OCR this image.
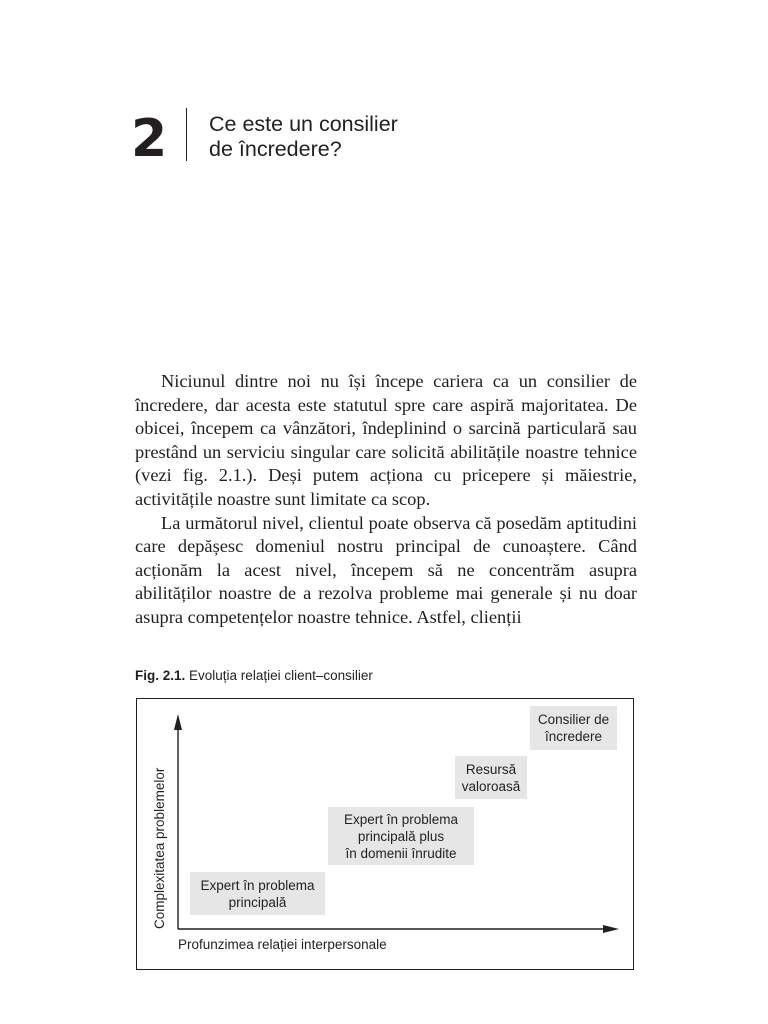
2 Ce este un consilier
de încredere?

Niciunul dintre noi nu își începe cariera ca un consilier de încredere, dar acesta este statutul spre care aspiră majoritatea. De obicei, începem ca vânzători, îndeplinind o sarcină particulară sau prestând un serviciu singular care solicită abilitățile noastre tehnice (vezi fig. 2.1.). Deși putem acționa cu pricepere și măiestrie, activitățile noastre sunt limitate ca scop.

La următorul nivel, clientul poate observa că posedăm aptitudini care depășesc domeniul nostru principal de cunoaștere. Când acționăm la acest nivel, începem să ne concentrăm asupra abilităților noastre de a rezolva probleme mai generale și nu doar asupra competențelor noastre tehnice. Astfel, clienții

Fig. 2.1. Evoluția relației client–consilier
Expert în problema
principală
Expert în problema
principală plus
în domenii înrudite
Resursă
valoroasă
Consilier de
încredere
Complexitatea problemelor
Profunzimea relației interpersonale
